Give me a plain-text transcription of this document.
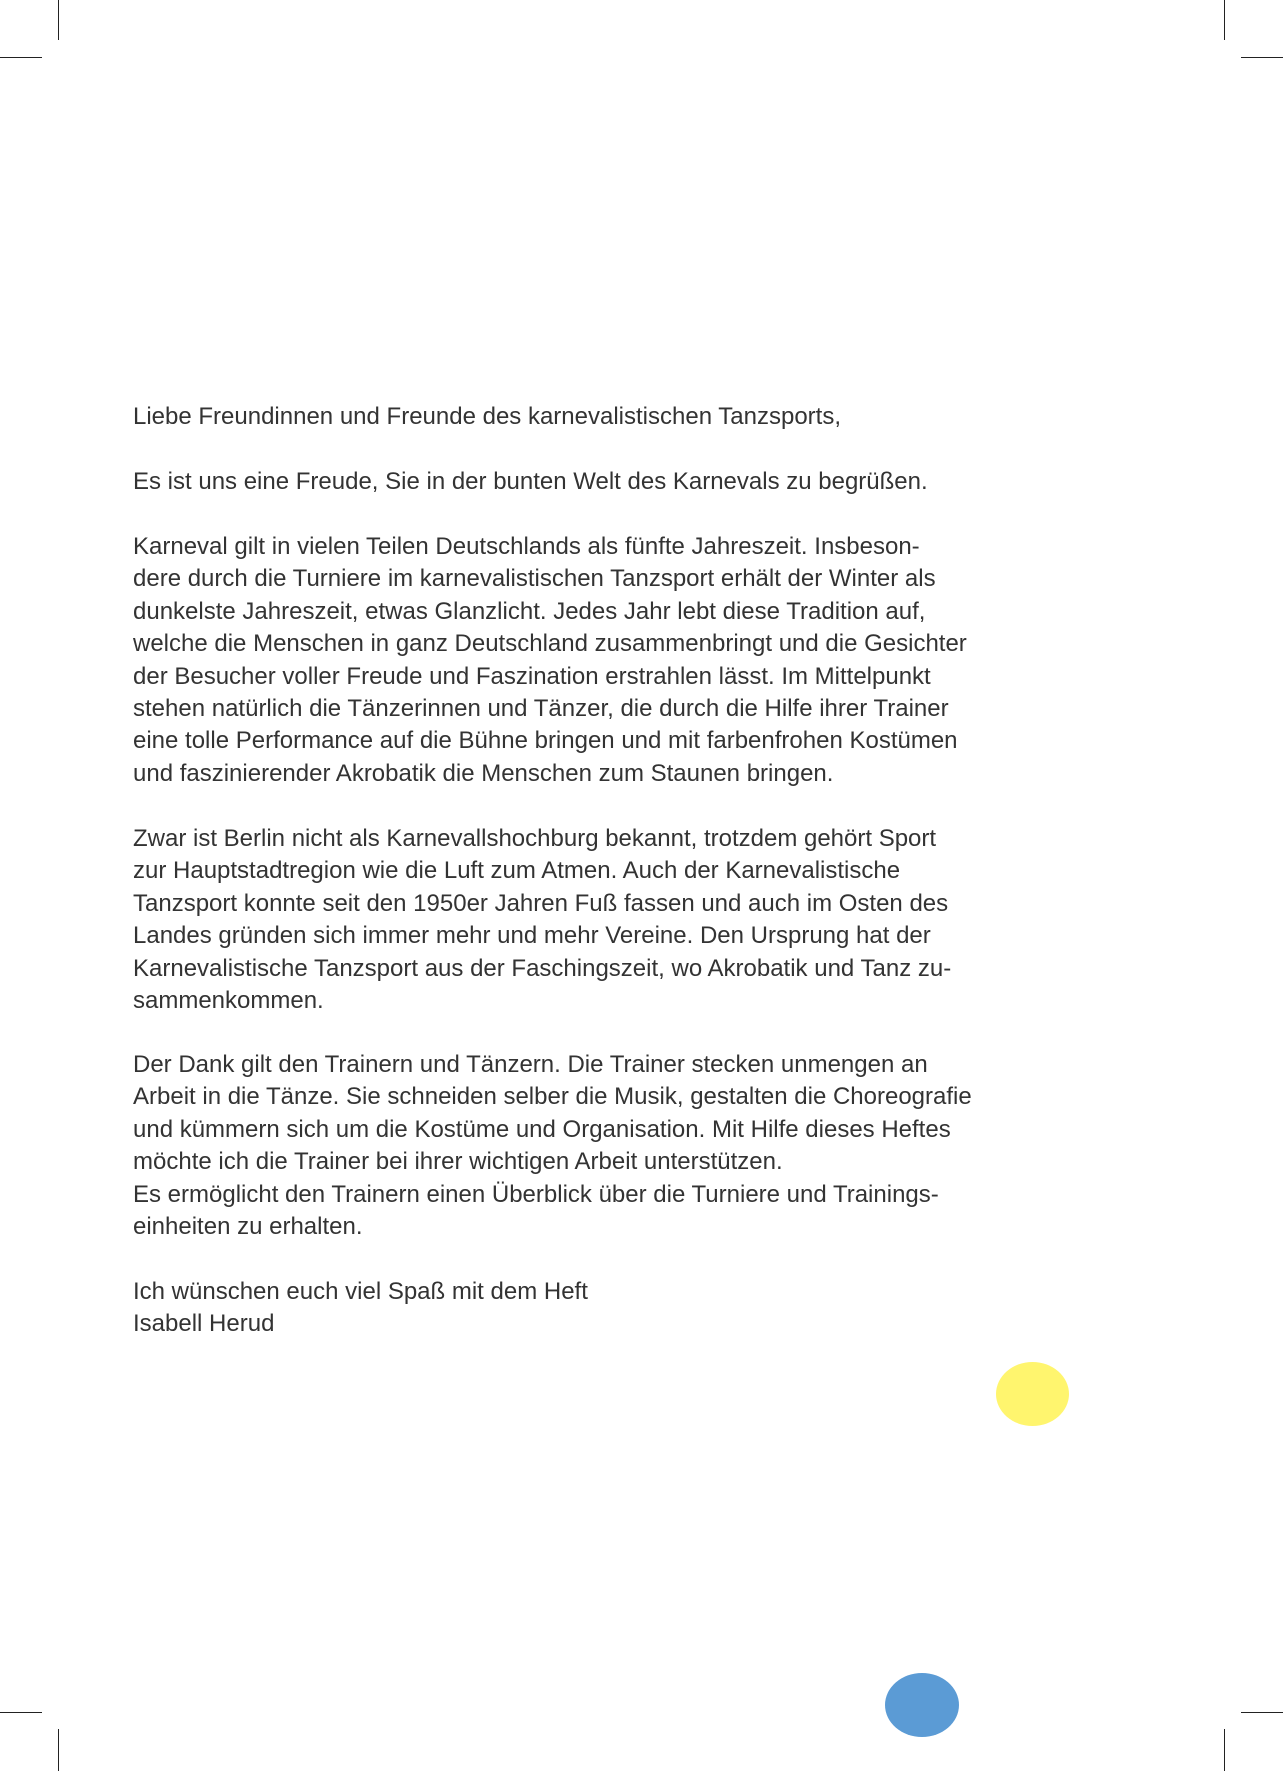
Liebe Freundinnen und Freunde des karnevalistischen Tanzsports,
Es ist uns eine Freude, Sie in der bunten Welt des Karnevals zu begrüßen.
Karneval gilt in vielen Teilen Deutschlands als fünfte Jahreszeit. Insbeson-
dere durch die Turniere im karnevalistischen Tanzsport erhält der Winter als
dunkelste Jahreszeit, etwas Glanzlicht. Jedes Jahr lebt diese Tradition auf,
welche die Menschen in ganz Deutschland zusammenbringt und die Gesichter
der Besucher voller Freude und Faszination erstrahlen lässt. Im Mittelpunkt
stehen natürlich die Tänzerinnen und Tänzer, die durch die Hilfe ihrer Trainer
eine tolle Performance auf die Bühne bringen und mit farbenfrohen Kostümen
und faszinierender Akrobatik die Menschen zum Staunen bringen.
Zwar ist Berlin nicht als Karnevallshochburg bekannt, trotzdem gehört Sport
zur Hauptstadtregion wie die Luft zum Atmen. Auch der Karnevalistische
Tanzsport konnte seit den 1950er Jahren Fuß fassen und auch im Osten des
Landes gründen sich immer mehr und mehr Vereine. Den Ursprung hat der
Karnevalistische Tanzsport aus der Faschingszeit, wo Akrobatik und Tanz zu-
sammenkommen.
Der Dank gilt den Trainern und Tänzern. Die Trainer stecken unmengen an
Arbeit in die Tänze. Sie schneiden selber die Musik, gestalten die Choreografie
und kümmern sich um die Kostüme und Organisation. Mit Hilfe dieses Heftes
möchte ich die Trainer bei ihrer wichtigen Arbeit unterstützen.
Es ermöglicht den Trainern einen Überblick über die Turniere und Trainings-
einheiten zu erhalten.
Ich wünschen euch viel Spaß mit dem Heft
Isabell Herud
